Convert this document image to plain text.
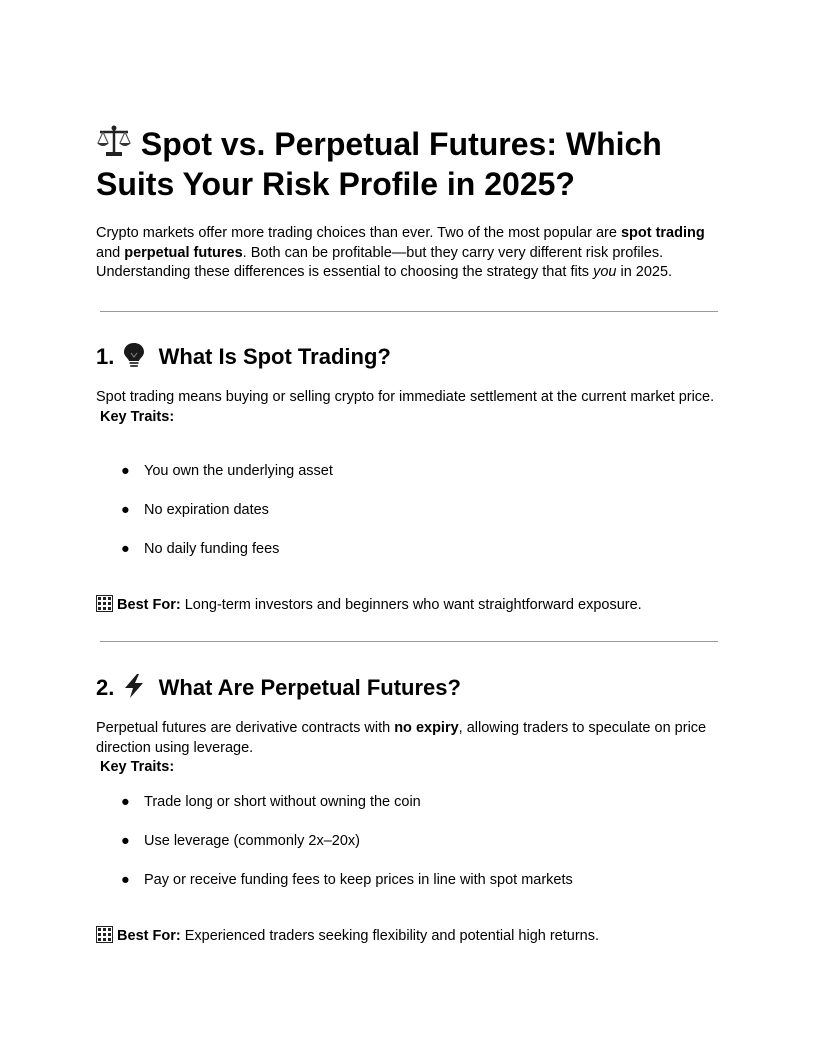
Spot vs. Perpetual Futures: Which
Suits Your Risk Profile in 2025?

Crypto markets offer more trading choices than ever. Two of the most popular are spot trading and perpetual futures. Both can be profitable—but they carry very different risk profiles. Understanding these differences is essential to choosing the strategy that fits you in 2025.

1. What Is Spot Trading?

Spot trading means buying or selling crypto for immediate settlement at the current market price.
Key Traits:

● You own the underlying asset
● No expiration dates
● No daily funding fees

Best For: Long-term investors and beginners who want straightforward exposure.

2. What Are Perpetual Futures?

Perpetual futures are derivative contracts with no expiry, allowing traders to speculate on price direction using leverage.
Key Traits:

● Trade long or short without owning the coin
● Use leverage (commonly 2x–20x)
● Pay or receive funding fees to keep prices in line with spot markets

Best For: Experienced traders seeking flexibility and potential high returns.
